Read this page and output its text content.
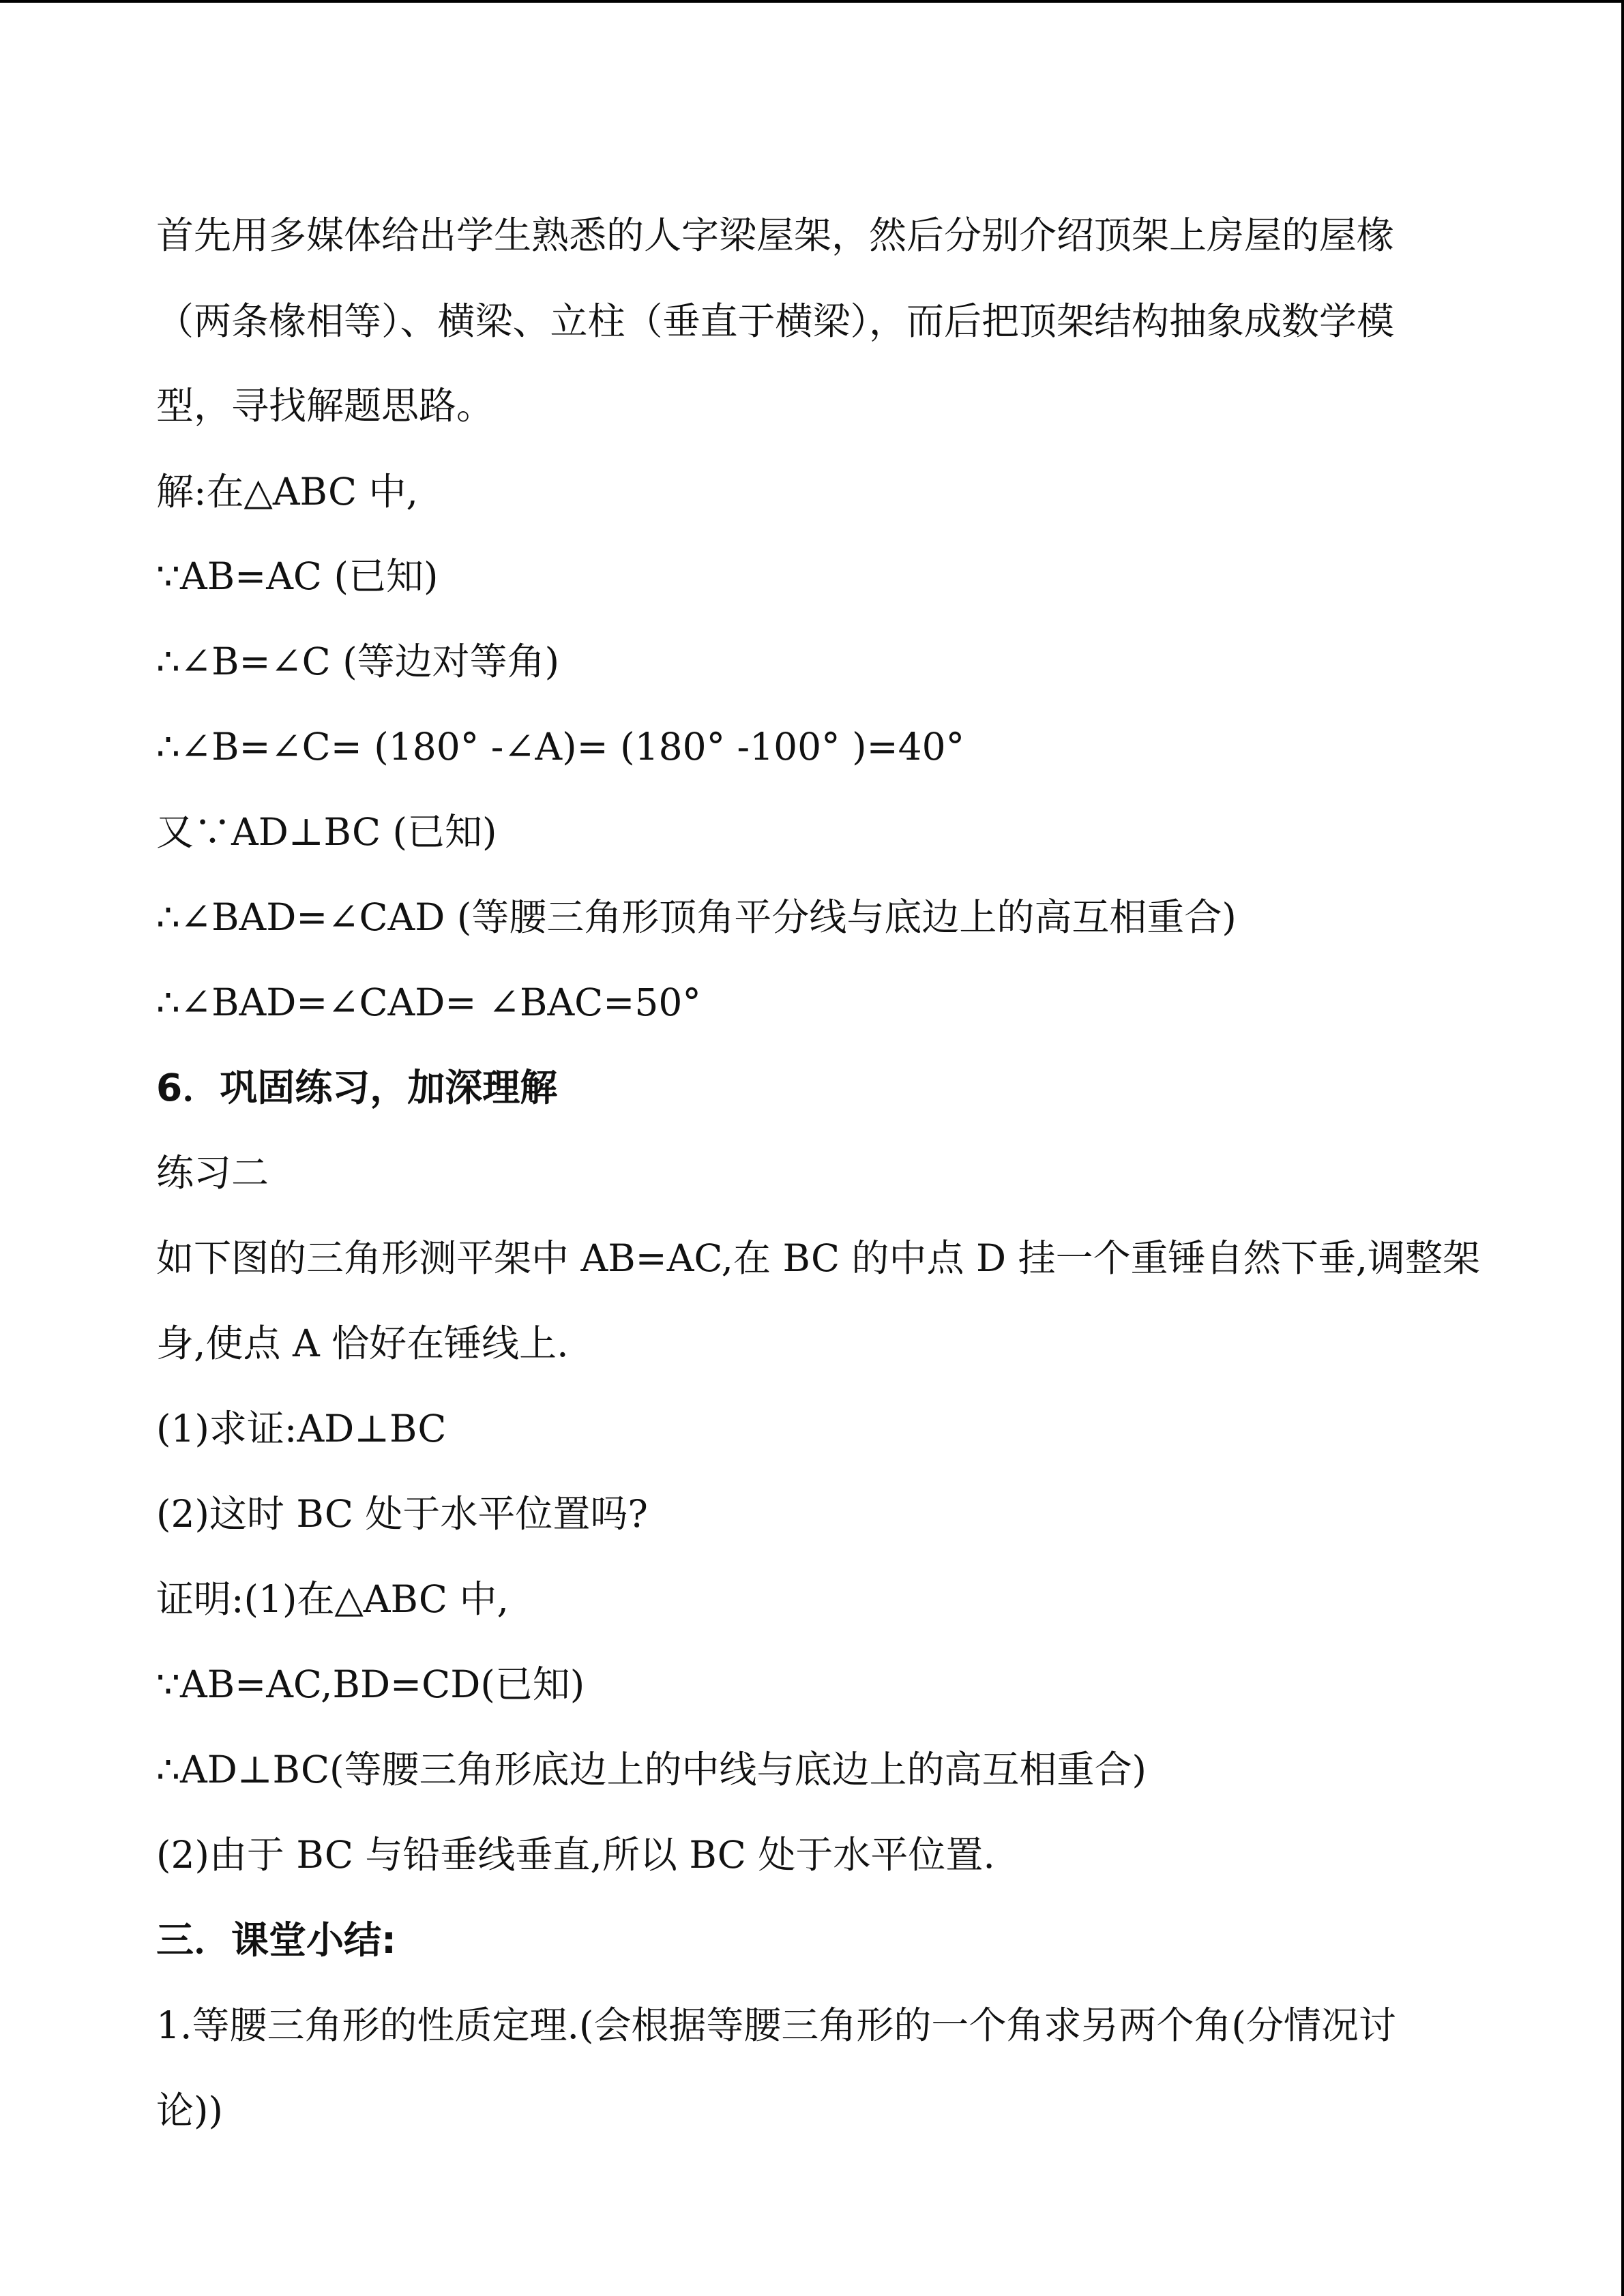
首先用多媒体给出学生熟悉的人字梁屋架，然后分别介绍顶架上房屋的屋椽

（两条椽相等）、横梁、立柱（垂直于横梁），而后把顶架结构抽象成数学模

型，寻找解题思路。

解:在△ABC 中,

∵AB=AC (已知)

∴∠B=∠C (等边对等角)

∴∠B=∠C= (180° -∠A)= (180° -100° )=40°

又∵AD⊥BC (已知)

∴∠BAD=∠CAD (等腰三角形顶角平分线与底边上的高互相重合)

∴∠BAD=∠CAD= ∠BAC=50°

6．巩固练习，加深理解

练习二

如下图的三角形测平架中 AB=AC,在 BC 的中点 D 挂一个重锤自然下垂,调整架

身,使点 A 恰好在锤线上.

(1)求证:AD⊥BC

(2)这时 BC 处于水平位置吗?

证明:(1)在△ABC 中,

∵AB=AC,BD=CD(已知)

∴AD⊥BC(等腰三角形底边上的中线与底边上的高互相重合)

(2)由于 BC 与铅垂线垂直,所以 BC 处于水平位置.

三．课堂小结:

1.等腰三角形的性质定理.(会根据等腰三角形的一个角求另两个角(分情况讨

论))
